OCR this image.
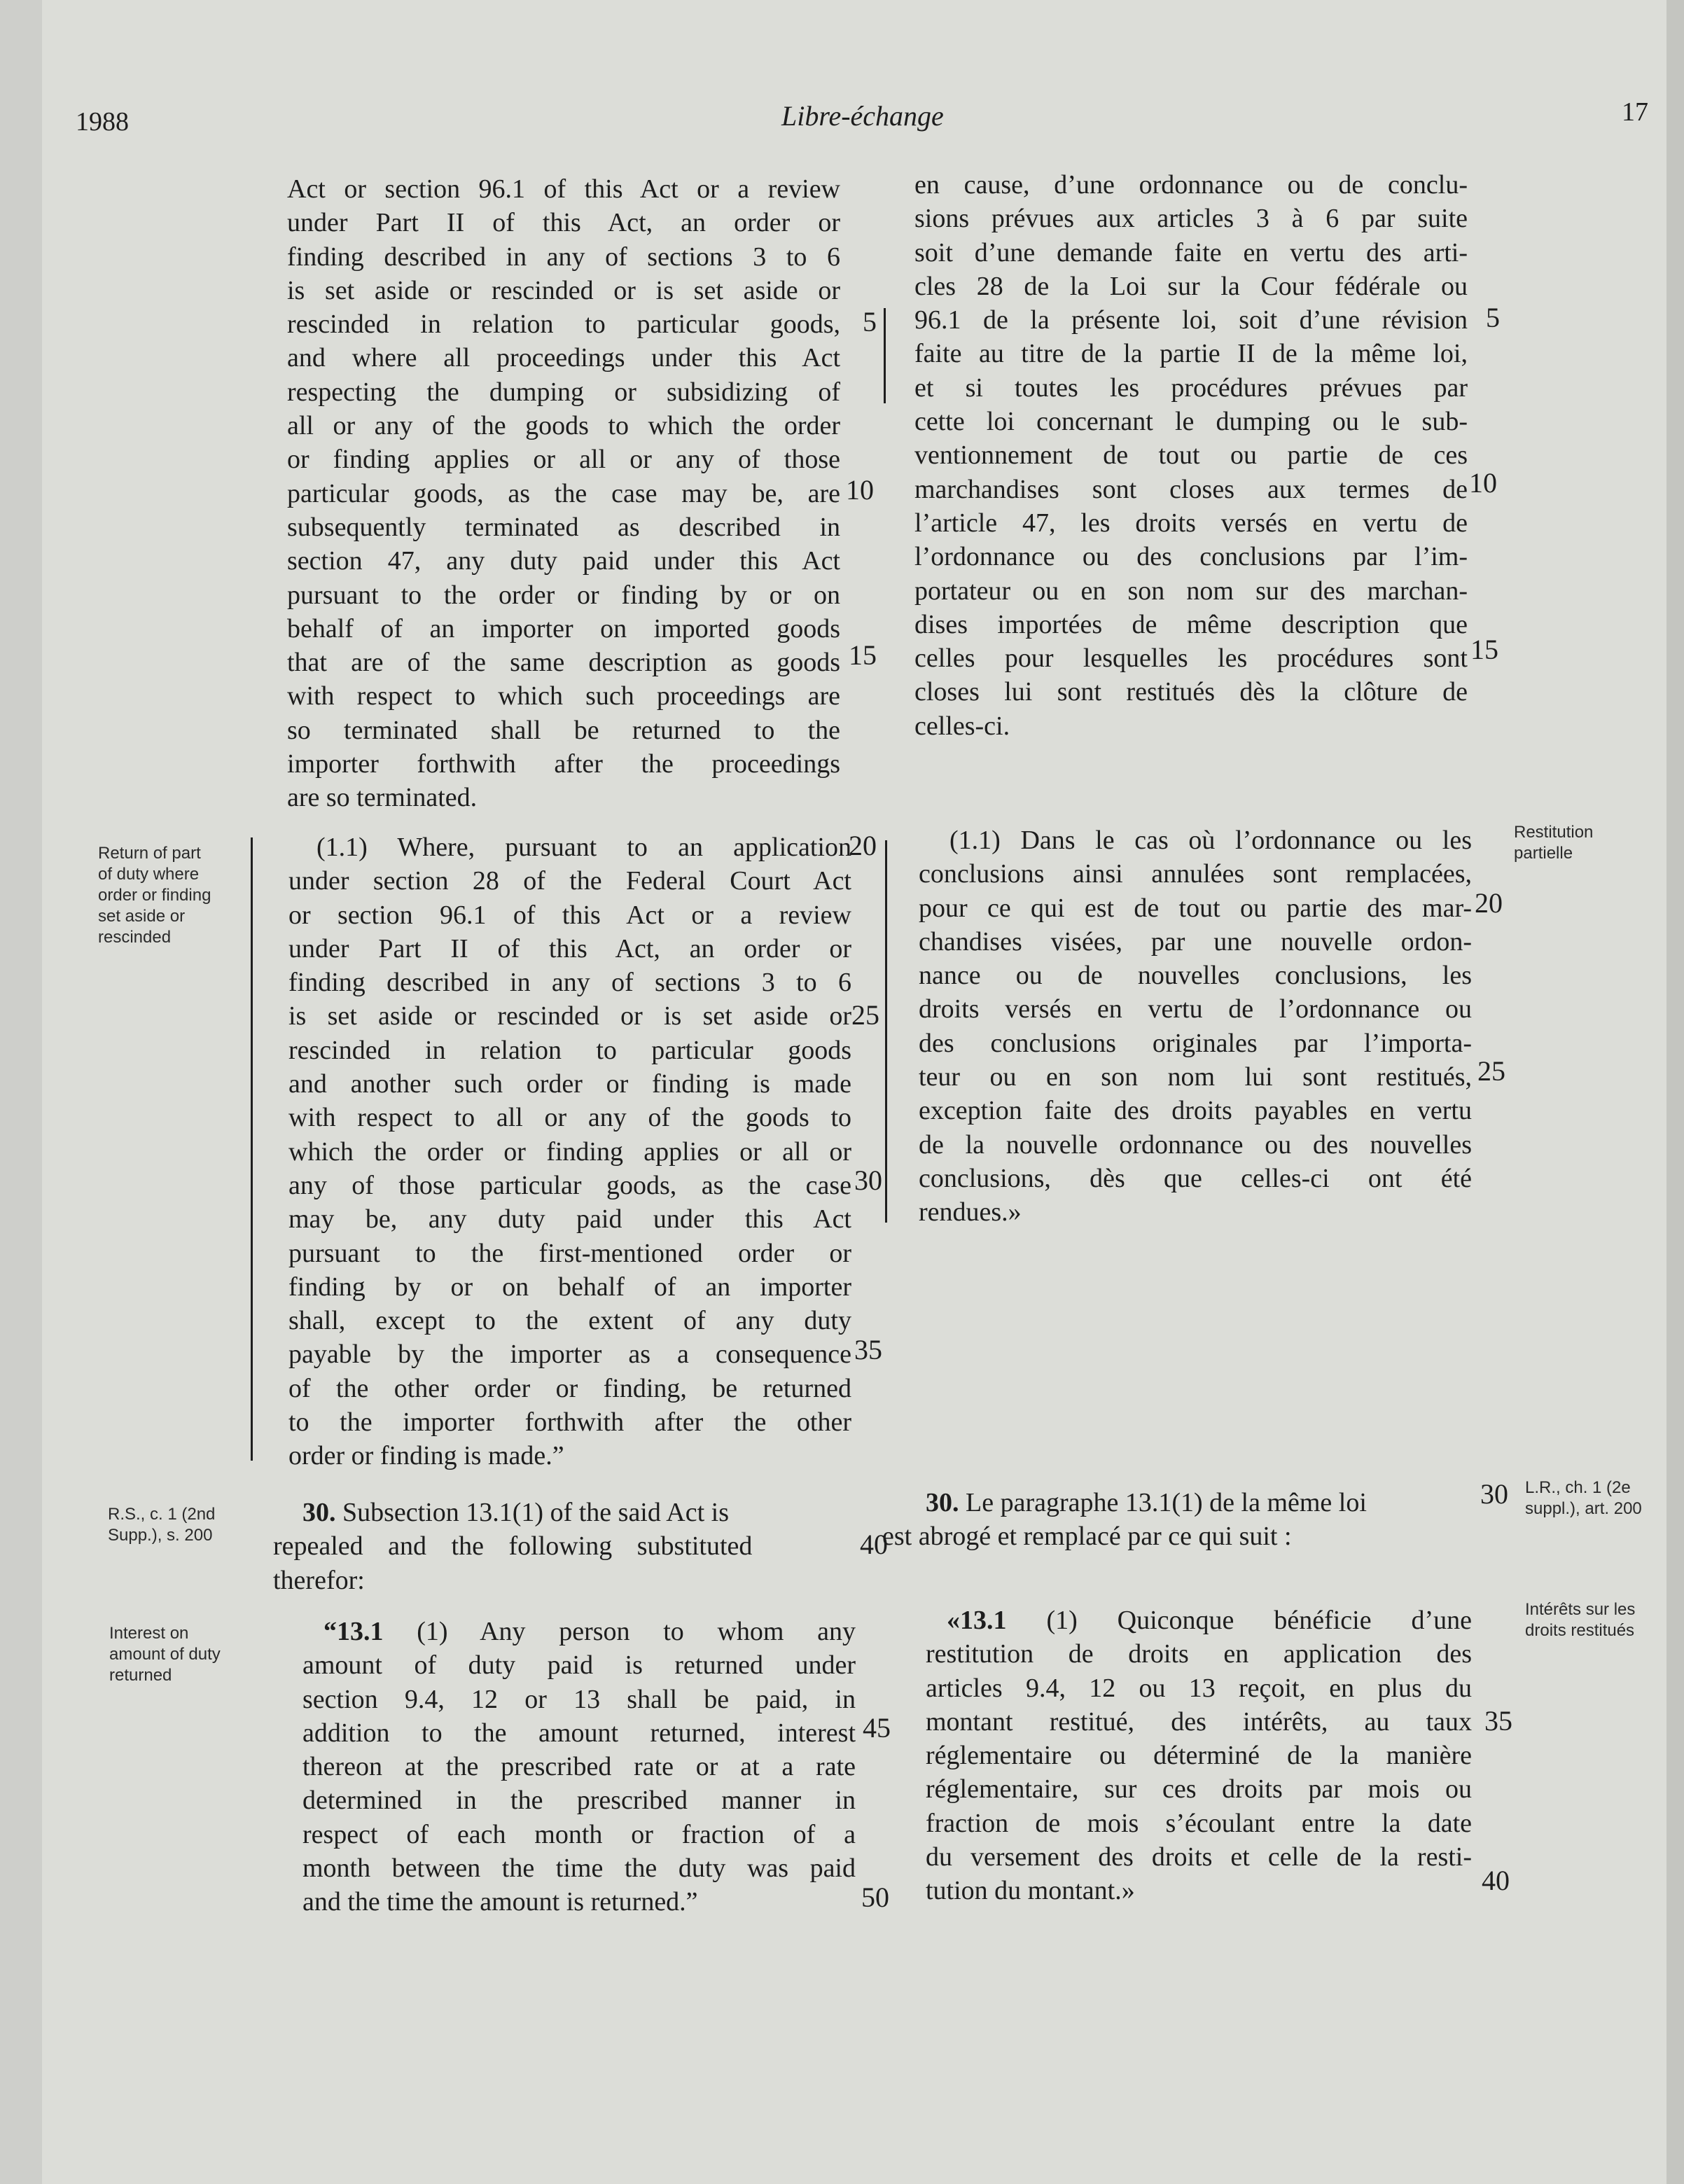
1988	Libre-échange	17
Act or section 96.1 of this Act or a review
under Part II of this Act, an order or
finding described in any of sections 3 to 6
is set aside or rescinded or is set aside or
rescinded in relation to particular goods,
and where all proceedings under this Act
respecting the dumping or subsidizing of
all or any of the goods to which the order
or finding applies or all or any of those
particular goods, as the case may be, are
subsequently terminated as described in
section 47, any duty paid under this Act
pursuant to the order or finding by or on
behalf of an importer on imported goods
that are of the same description as goods
with respect to which such proceedings are
so terminated shall be returned to the
importer forthwith after the proceedings
are so terminated.
en cause, d’une ordonnance ou de conclu-
sions prévues aux articles 3 à 6 par suite
soit d’une demande faite en vertu des arti-
cles 28 de la Loi sur la Cour fédérale ou
96.1 de la présente loi, soit d’une révision
faite au titre de la partie II de la même loi,
et si toutes les procédures prévues par
cette loi concernant le dumping ou le sub-
ventionnement de tout ou partie de ces
marchandises sont closes aux termes de
l’article 47, les droits versés en vertu de
l’ordonnance ou des conclusions par l’im-
portateur ou en son nom sur des marchan-
dises importées de même description que
celles pour lesquelles les procédures sont
closes lui sont restitués dès la clôture de
celles-ci.
Return of part
of duty where
order or finding
set aside or
rescinded
Restitution
partielle
(1.1) Where, pursuant to an application
under section 28 of the Federal Court Act
or section 96.1 of this Act or a review
under Part II of this Act, an order or
finding described in any of sections 3 to 6
is set aside or rescinded or is set aside or
rescinded in relation to particular goods
and another such order or finding is made
with respect to all or any of the goods to
which the order or finding applies or all or
any of those particular goods, as the case
may be, any duty paid under this Act
pursuant to the first-mentioned order or
finding by or on behalf of an importer
shall, except to the extent of any duty
payable by the importer as a consequence
of the other order or finding, be returned
to the importer forthwith after the other
order or finding is made.”
(1.1) Dans le cas où l’ordonnance ou les
conclusions ainsi annulées sont remplacées,
pour ce qui est de tout ou partie des mar-
chandises visées, par une nouvelle ordon-
nance ou de nouvelles conclusions, les
droits versés en vertu de l’ordonnance ou
des conclusions originales par l’importa-
teur ou en son nom lui sont restitués,
exception faite des droits payables en vertu
de la nouvelle ordonnance ou des nouvelles
conclusions, dès que celles-ci ont été
rendues.»
R.S., c. 1 (2nd
Supp.), s. 200
L.R., ch. 1 (2e
suppl.), art. 200
30. Subsection 13.1(1) of the said Act is
repealed and the following substituted
therefor:
30. Le paragraphe 13.1(1) de la même loi
est abrogé et remplacé par ce qui suit :
Interest on
amount of duty
returned
Intérêts sur les
droits restitués
“13.1 (1) Any person to whom any
amount of duty paid is returned under
section 9.4, 12 or 13 shall be paid, in
addition to the amount returned, interest
thereon at the prescribed rate or at a rate
determined in the prescribed manner in
respect of each month or fraction of a
month between the time the duty was paid
and the time the amount is returned.”
«13.1 (1) Quiconque bénéficie d’une
restitution de droits en application des
articles 9.4, 12 ou 13 reçoit, en plus du
montant restitué, des intérêts, au taux
réglementaire ou déterminé de la manière
réglementaire, sur ces droits par mois ou
fraction de mois s’écoulant entre la date
du versement des droits et celle de la resti-
tution du montant.»
5
10
15
20
25
30
35
40
45
50
5
10
15
20
25
30
35
40
